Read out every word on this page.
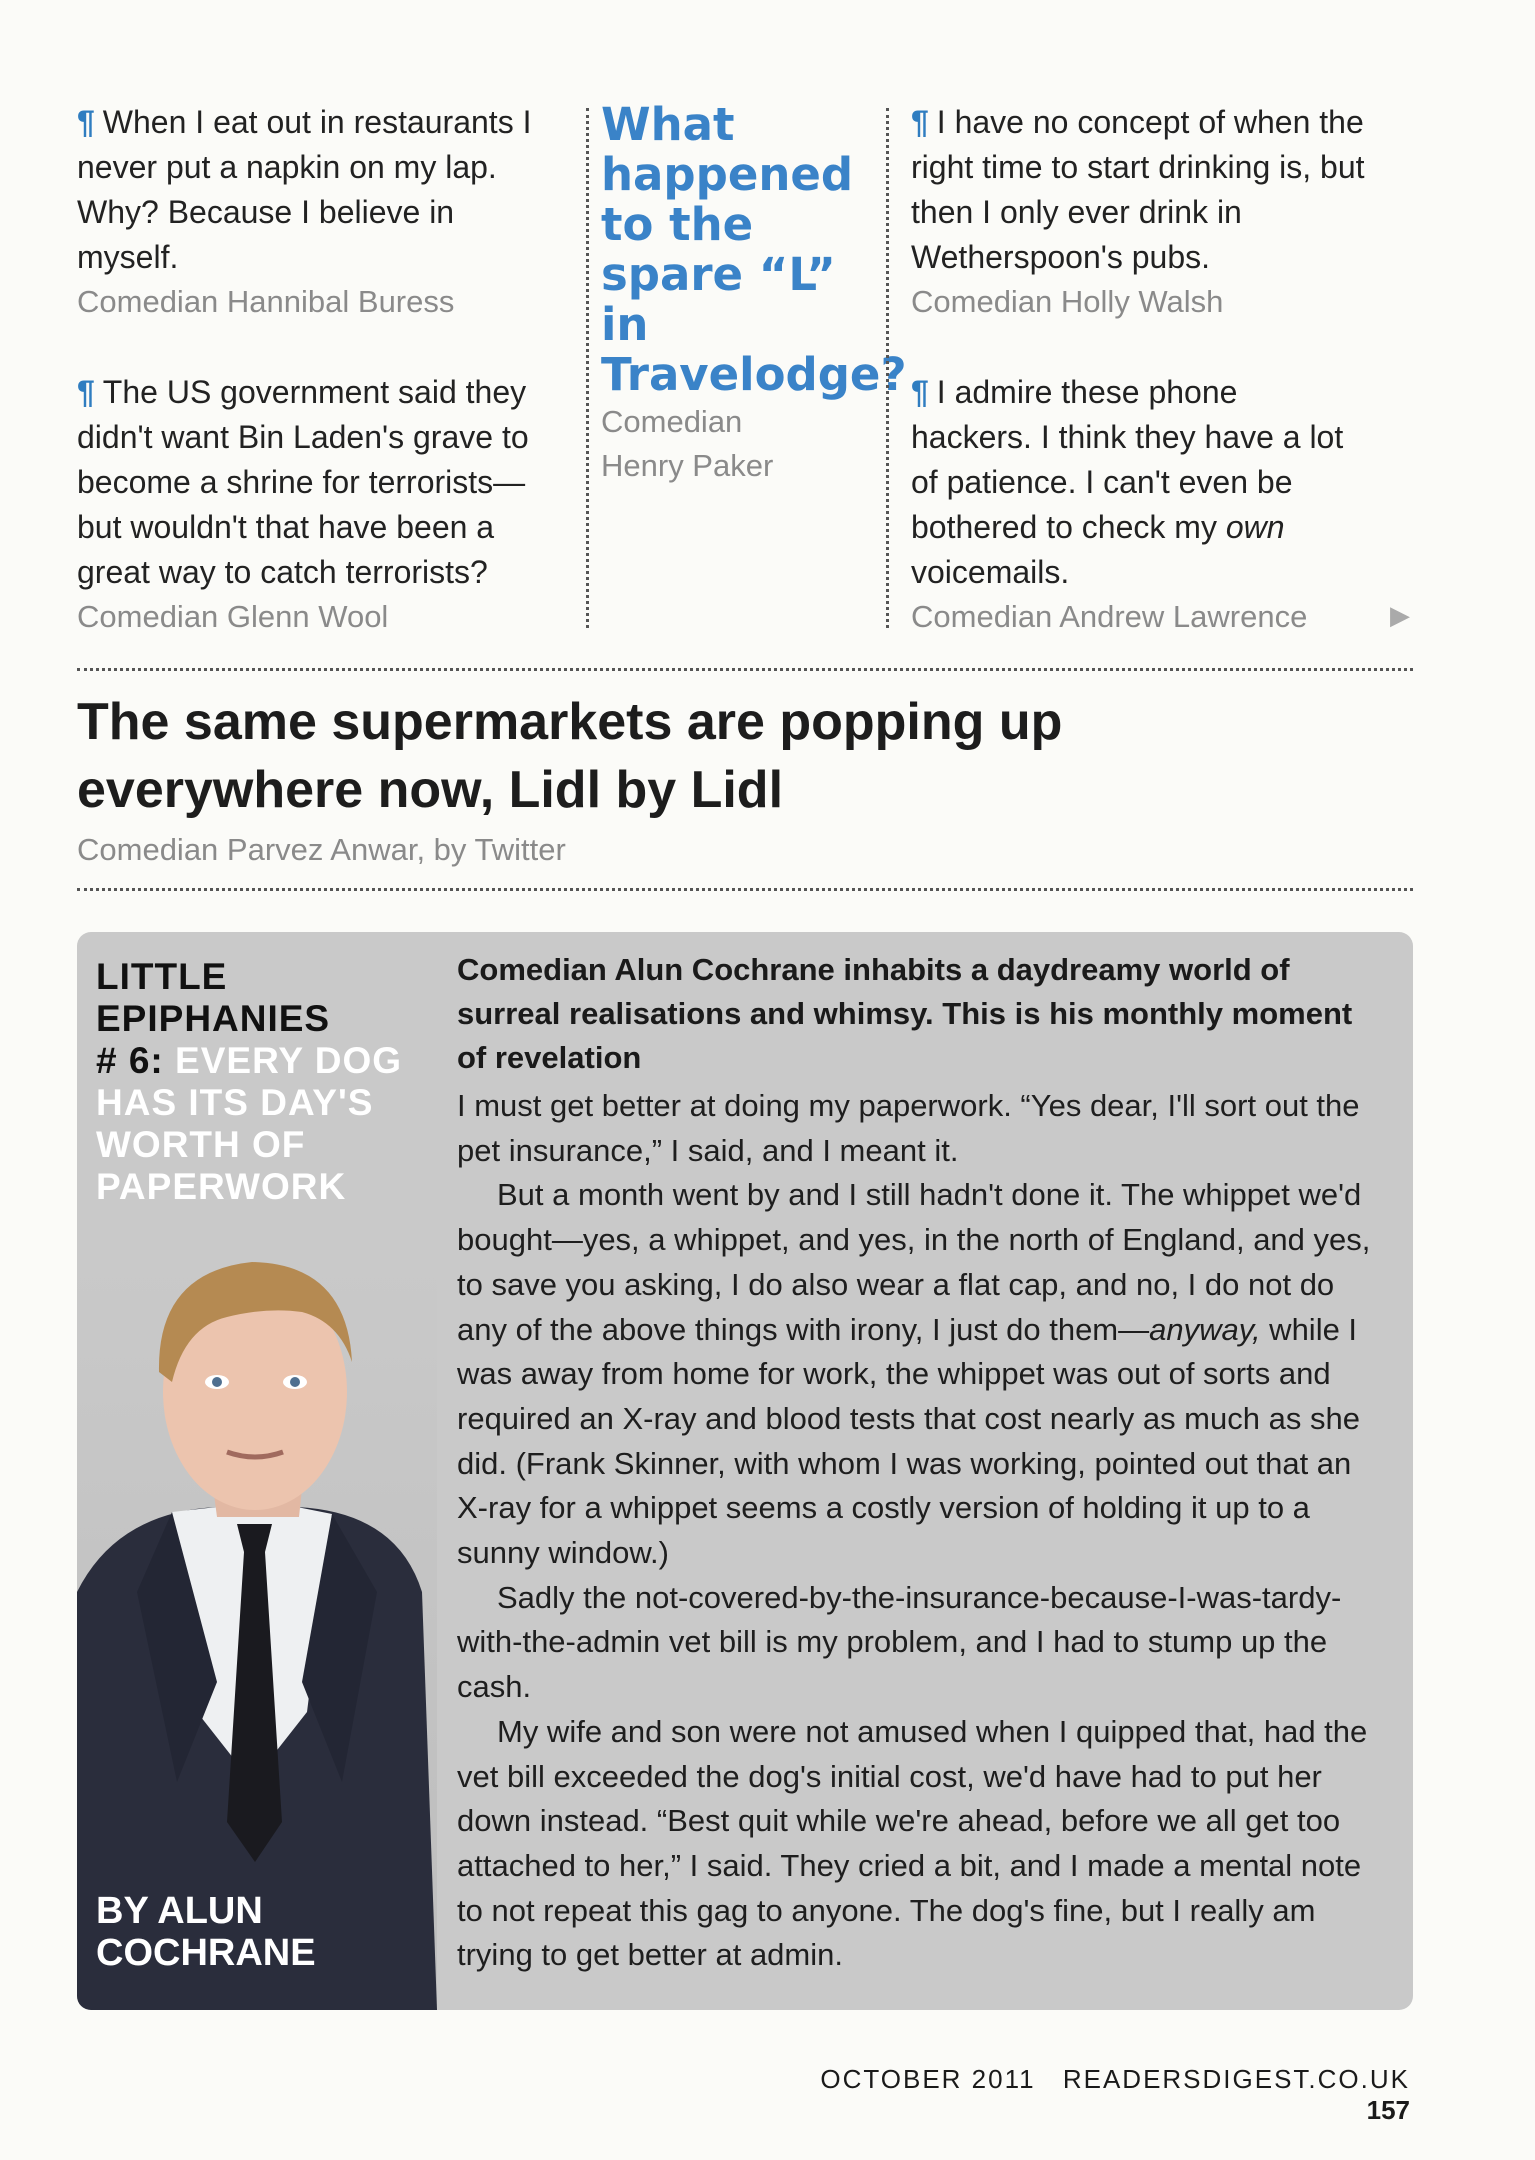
¶ When I eat out in restaurants I never put a napkin on my lap. Why? Because I believe in myself.
Comedian Hannibal Buress
¶ The US government said they didn't want Bin Laden's grave to become a shrine for terrorists—but wouldn't that have been a great way to catch terrorists?
Comedian Glenn Wool
What happened to the spare “L” in Travelodge?
Comedian
Henry Paker
¶ I have no concept of when the right time to start drinking is, but then I only ever drink in Wetherspoon's pubs.
Comedian Holly Walsh
¶ I admire these phone hackers. I think they have a lot of patience. I can't even be bothered to check my own voicemails.
Comedian Andrew Lawrence	▶
The same supermarkets are popping up
everywhere now, Lidl by Lidl
Comedian Parvez Anwar, by Twitter
LITTLE
EPIPHANIES
# 6: EVERY DOG
HAS ITS DAY'S
WORTH OF
PAPERWORK
BY ALUN
COCHRANE
Comedian Alun Cochrane inhabits a daydreamy world of surreal realisations and whimsy. This is his monthly moment of revelation

I must get better at doing my paperwork. “Yes dear, I'll sort out the pet insurance,” I said, and I meant it.

But a month went by and I still hadn't done it. The whippet we'd bought—yes, a whippet, and yes, in the north of England, and yes, to save you asking, I do also wear a flat cap, and no, I do not do any of the above things with irony, I just do them—anyway, while I was away from home for work, the whippet was out of sorts and required an X-ray and blood tests that cost nearly as much as she did. (Frank Skinner, with whom I was working, pointed out that an X-ray for a whippet seems a costly version of holding it up to a sunny window.)

Sadly the not-covered-by-the-insurance-because-I-was-tardy-with-the-admin vet bill is my problem, and I had to stump up the cash.

My wife and son were not amused when I quipped that, had the vet bill exceeded the dog's initial cost, we'd have had to put her down instead. “Best quit while we're ahead, before we all get too attached to her,” I said. They cried a bit, and I made a mental note to not repeat this gag to anyone. The dog's fine, but I really am trying to get better at admin.

OCTOBER 2011 READERSDIGEST.CO.UK 157
